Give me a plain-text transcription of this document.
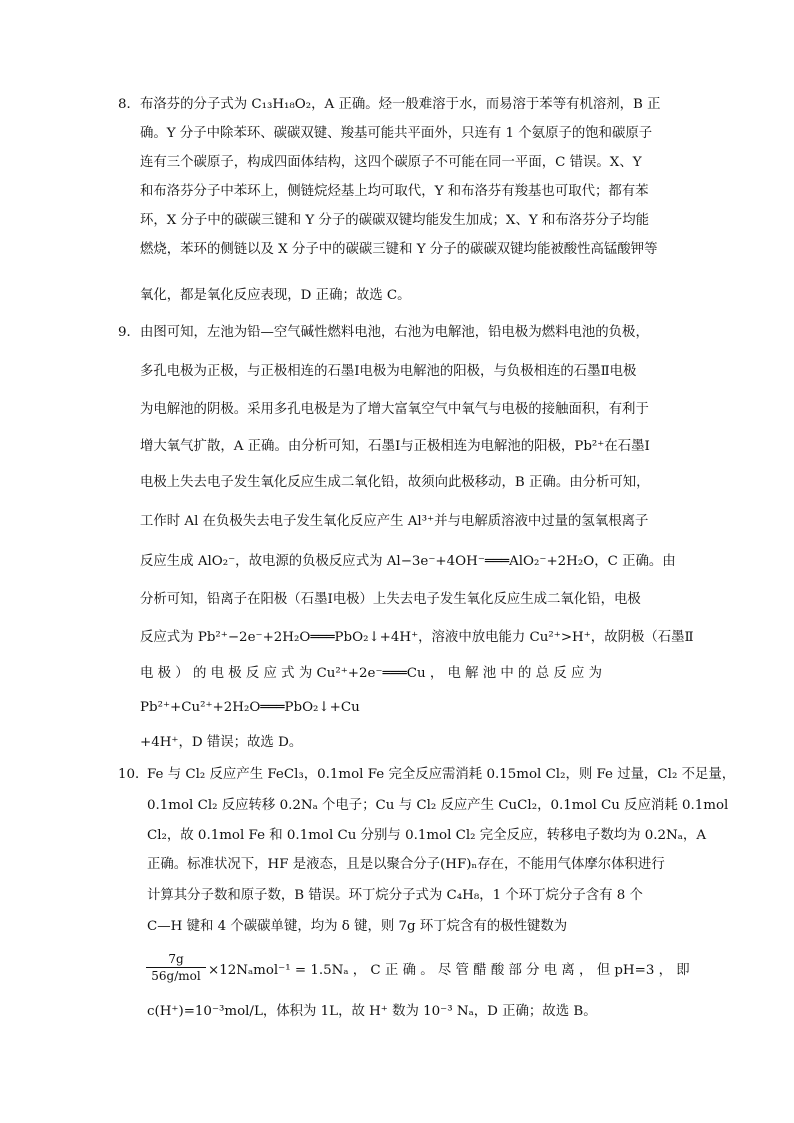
8． 布洛芬的分子式为 C₁₃H₁₈O₂，A 正确。烃一般难溶于水，而易溶于苯等有机溶剂，B 正
确。Y 分子中除苯环、碳碳双键、羧基可能共平面外，只连有 1 个氨原子的饱和碳原子
连有三个碳原子，构成四面体结构，这四个碳原子不可能在同一平面，C 错误。X、Y
和布洛芬分子中苯环上，侧链烷烃基上均可取代，Y 和布洛芬有羧基也可取代；都有苯
环，X 分子中的碳碳三键和 Y 分子的碳碳双键均能发生加成；X、Y 和布洛芬分子均能
燃烧，苯环的侧链以及 X 分子中的碳碳三键和 Y 分子的碳碳双键均能被酸性高锰酸钾等
氧化，都是氧化反应表现，D 正确；故选 C。
9． 由图可知，左池为铅—空气碱性燃料电池，右池为电解池，铅电极为燃料电池的负极，
多孔电极为正极，与正极相连的石墨Ⅰ电极为电解池的阳极，与负极相连的石墨Ⅱ电极
为电解池的阴极。采用多孔电极是为了增大富氧空气中氧气与电极的接触面积，有利于
增大氧气扩散，A 正确。由分析可知，石墨Ⅰ与正极相连为电解池的阳极，Pb²⁺在石墨Ⅰ
电极上失去电子发生氧化反应生成二氧化铅，故须向此极移动，B 正确。由分析可知，
工作时 Al 在负极失去电子发生氧化反应产生 Al³⁺并与电解质溶液中过量的氢氧根离子
反应生成 AlO₂⁻，故电源的负极反应式为 Al−3e⁻+4OH⁻═══AlO₂⁻+2H₂O，C 正确。由
分析可知，铅离子在阳极（石墨Ⅰ电极）上失去电子发生氧化反应生成二氧化铅，电极
反应式为 Pb²⁺−2e⁻+2H₂O═══PbO₂↓+4H⁺，溶液中放电能力 Cu²⁺>H⁺，故阴极（石墨Ⅱ
电 极 ） 的 电 极 反 应 式 为 Cu²⁺+2e⁻═══Cu ， 电 解 池 中 的 总 反 应 为
Pb²⁺+Cu²⁺+2H₂O═══PbO₂↓+Cu
+4H⁺，D 错误；故选 D。
10．
Fe 与 Cl₂ 反应产生 FeCl₃，0.1mol Fe 完全反应需消耗 0.15mol Cl₂，则 Fe 过量，Cl₂ 不足量，
0.1mol Cl₂ 反应转移 0.2Nₐ 个电子；Cu 与 Cl₂ 反应产生 CuCl₂，0.1mol Cu 反应消耗 0.1mol
Cl₂，故 0.1mol Fe 和 0.1mol Cu 分别与 0.1mol Cl₂ 完全反应，转移电子数均为 0.2Nₐ，A
正确。标准状况下，HF 是液态，且是以聚合分子(HF)ₙ存在，不能用气体摩尔体积进行
计算其分子数和原子数，B 错误。环丁烷分子式为 C₄H₈，1 个环丁烷分子含有 8 个
C—H 键和 4 个碳碳单键，均为 δ 键，则 7g 环丁烷含有的极性键数为
7g
56g/mol ×12Nₐmol⁻¹ = 1.5Nₐ ， C 正 确 。 尽 管 醋 酸 部 分 电 离 ， 但 pH=3 ， 即
c(H⁺)=10⁻³mol/L，体积为 1L，故 H⁺ 数为 10⁻³ Nₐ，D 正确；故选 B。
